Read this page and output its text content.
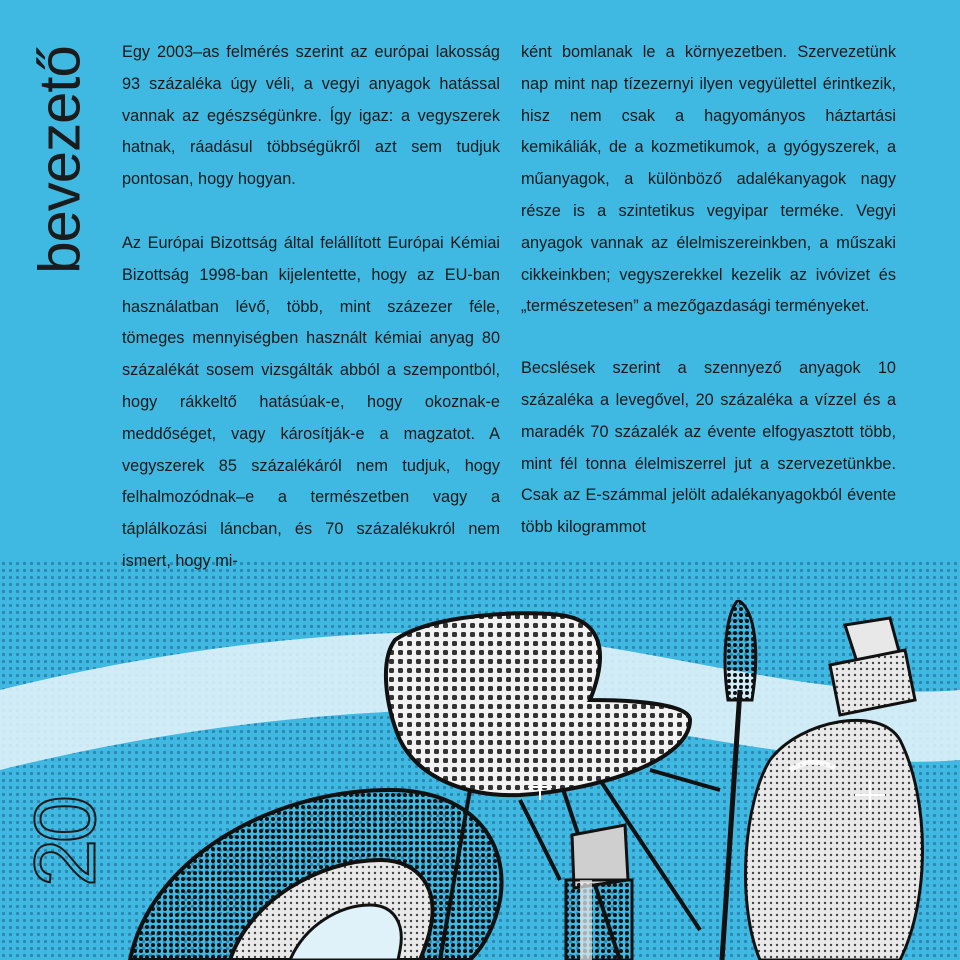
bevezető
20

Egy 2003–as felmérés szerint az európai lakosság 93 százaléka úgy véli, a vegyi anyagok hatással vannak az egészségünkre. Így igaz: a vegyszerek hatnak, ráadásul többségükről azt sem tudjuk pontosan, hogy hogyan.

Az Európai Bizottság által felállított Európai Kémiai Bizottság 1998-ban kijelentette, hogy az EU-ban használatban lévő, több, mint százezer féle, tömeges mennyiségben használt kémiai anyag 80 százalékát sosem vizsgálták abból a szempontból, hogy rákkeltő hatásúak-e, hogy okoznak-e meddőséget, vagy károsítják-e a magzatot. A vegyszerek 85 százalékáról nem tudjuk, hogy felhalmozódnak–e a természetben vagy a táplálkozási láncban, és 70 százalékukról nem ismert, hogy mi-

ként bomlanak le a környezetben. Szervezetünk nap mint nap tízezernyi ilyen vegyülettel érintkezik, hisz nem csak a hagyományos háztartási kemikáliák, de a kozmetikumok, a gyógyszerek, a műanyagok, a különböző adalékanyagok nagy része is a szintetikus vegyipar terméke. Vegyi anyagok vannak az élelmiszereinkben, a műszaki cikkeinkben; vegyszerekkel kezelik az ivóvizet és „természetesen” a mezőgazdasági terményeket.

Becslések szerint a szennyező anyagok 10 százaléka a levegővel, 20 százaléka a vízzel és a maradék 70 százalék az évente elfogyasztott több, mint fél tonna élelmiszerrel jut a szervezetünkbe. Csak az E-számmal jelölt adalékanyagokból évente több kilogrammot
